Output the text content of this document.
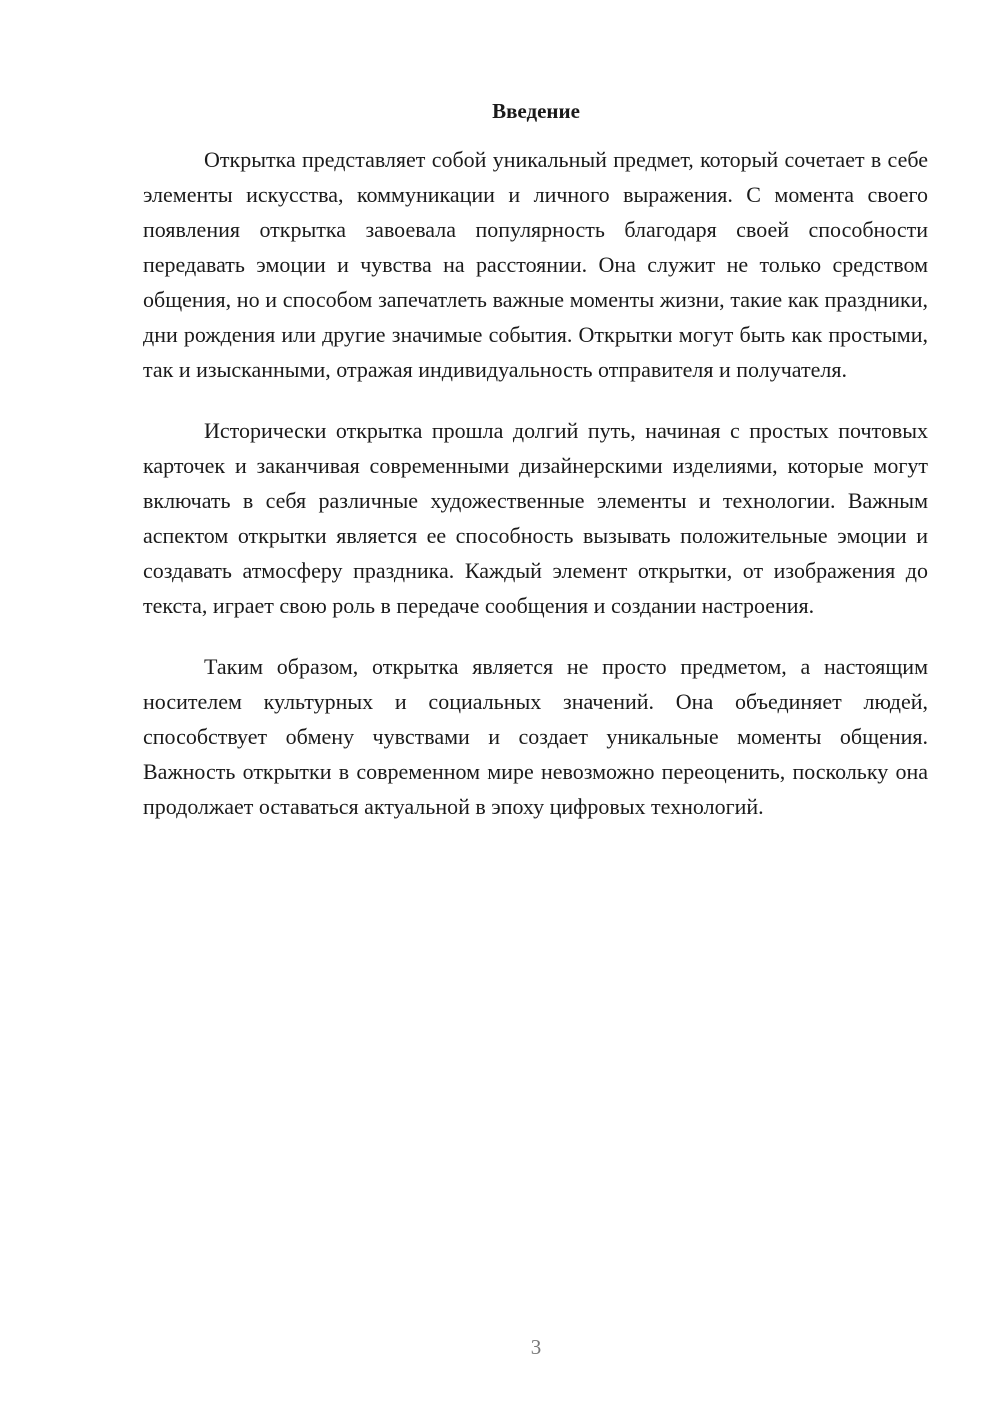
Введение

Открытка представляет собой уникальный предмет, который сочетает в себе элементы искусства, коммуникации и личного выражения. С момента своего появления открытка завоевала популярность благодаря своей способности передавать эмоции и чувства на расстоянии. Она служит не только средством общения, но и способом запечатлеть важные моменты жизни, такие как праздники, дни рождения или другие значимые события. Открытки могут быть как простыми, так и изысканными, отражая индивидуальность отправителя и получателя.

Исторически открытка прошла долгий путь, начиная с простых почтовых карточек и заканчивая современными дизайнерскими изделиями, которые могут включать в себя различные художественные элементы и технологии. Важным аспектом открытки является ее способность вызывать положительные эмоции и создавать атмосферу праздника. Каждый элемент открытки, от изображения до текста, играет свою роль в передаче сообщения и создании настроения.

Таким образом, открытка является не просто предметом, а настоящим носителем культурных и социальных значений. Она объединяет людей, способствует обмену чувствами и создает уникальные моменты общения. Важность открытки в современном мире невозможно переоценить, поскольку она продолжает оставаться актуальной в эпоху цифровых технологий.

3
